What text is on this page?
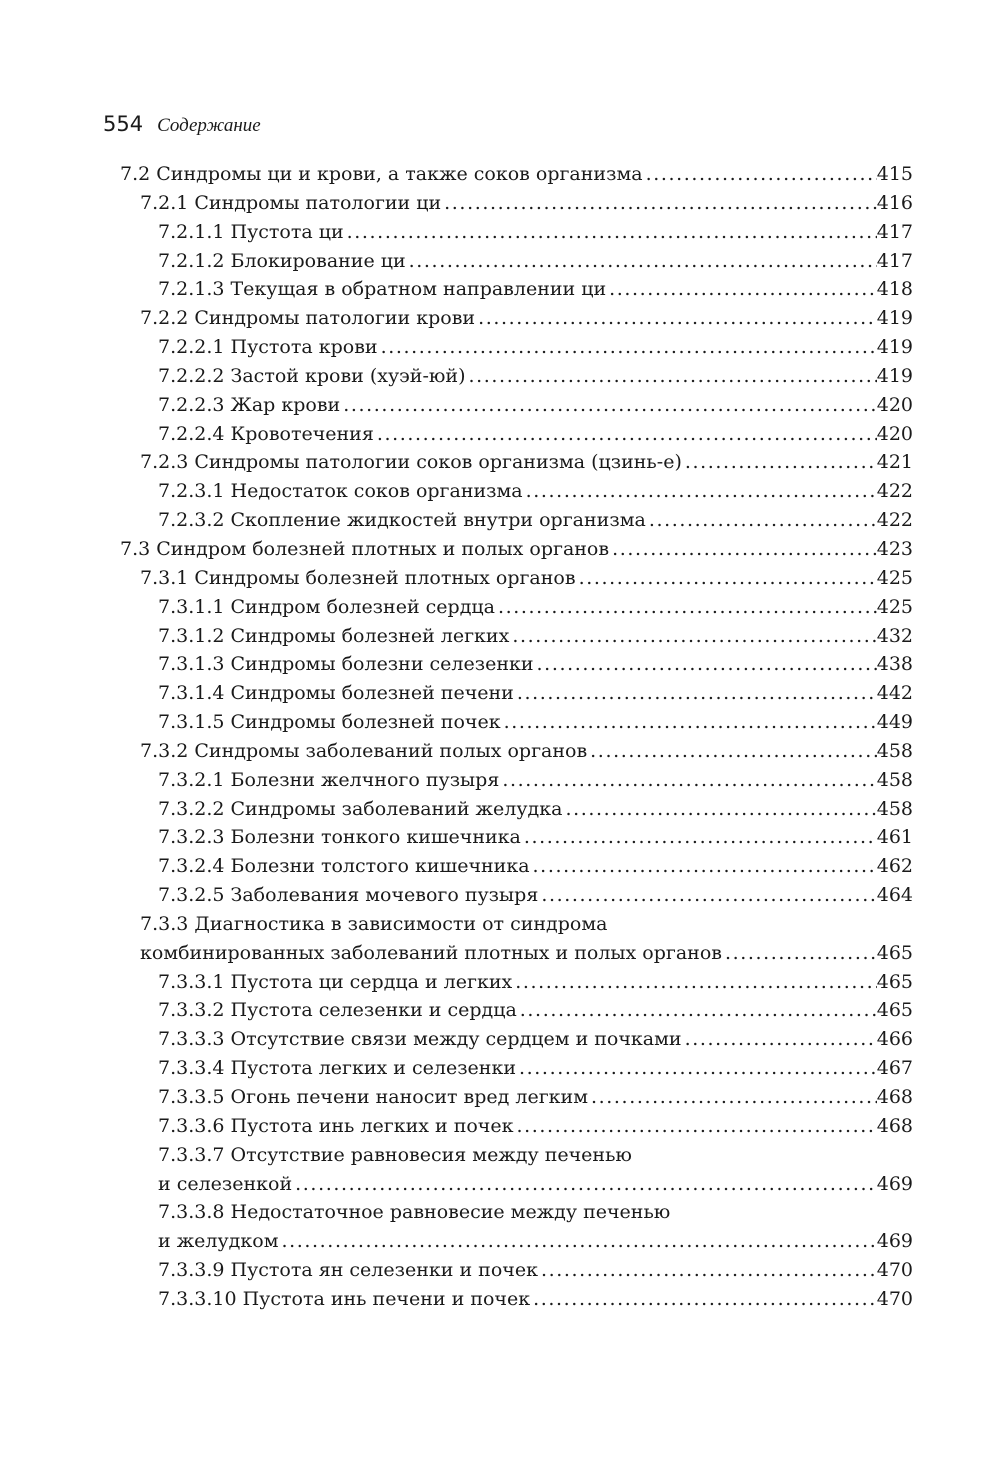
554 Содержание
7.2 Синдромы ци и крови, а также соков организма .....	415
7.2.1 Синдромы патологии ци .....	416
7.2.1.1 Пустота ци .....	417
7.2.1.2 Блокирование ци .....	417
7.2.1.3 Текущая в обратном направлении ци .....	418
7.2.2 Синдромы патологии крови .....	419
7.2.2.1 Пустота крови .....	419
7.2.2.2 Застой крови (хуэй-юй) .....	419
7.2.2.3 Жар крови .....	420
7.2.2.4 Кровотечения .....	420
7.2.3 Синдромы патологии соков организма (цзинь-е) .....	421
7.2.3.1 Недостаток соков организма .....	422
7.2.3.2 Скопление жидкостей внутри организма .....	422
7.3 Синдром болезней плотных и полых органов .....	423
7.3.1 Синдромы болезней плотных органов .....	425
7.3.1.1 Синдром болезней сердца .....	425
7.3.1.2 Синдромы болезней легких .....	432
7.3.1.3 Синдромы болезни селезенки .....	438
7.3.1.4 Синдромы болезней печени .....	442
7.3.1.5 Синдромы болезней почек .....	449
7.3.2 Синдромы заболеваний полых органов .....	458
7.3.2.1 Болезни желчного пузыря .....	458
7.3.2.2 Синдромы заболеваний желудка .....	458
7.3.2.3 Болезни тонкого кишечника .....	461
7.3.2.4 Болезни толстого кишечника .....	462
7.3.2.5 Заболевания мочевого пузыря .....	464
7.3.3 Диагностика в зависимости от синдрома
комбинированных заболеваний плотных и полых органов .....	465
7.3.3.1 Пустота ци сердца и легких .....	465
7.3.3.2 Пустота селезенки и сердца .....	465
7.3.3.3 Отсутствие связи между сердцем и почками .....	466
7.3.3.4 Пустота легких и селезенки .....	467
7.3.3.5 Огонь печени наносит вред легким .....	468
7.3.3.6 Пустота инь легких и почек .....	468
7.3.3.7 Отсутствие равновесия между печенью
и селезенкой .....	469
7.3.3.8 Недостаточное равновесие между печенью
и желудком .....	469
7.3.3.9 Пустота ян селезенки и почек .....	470
7.3.3.10 Пустота инь печени и почек .....	470
